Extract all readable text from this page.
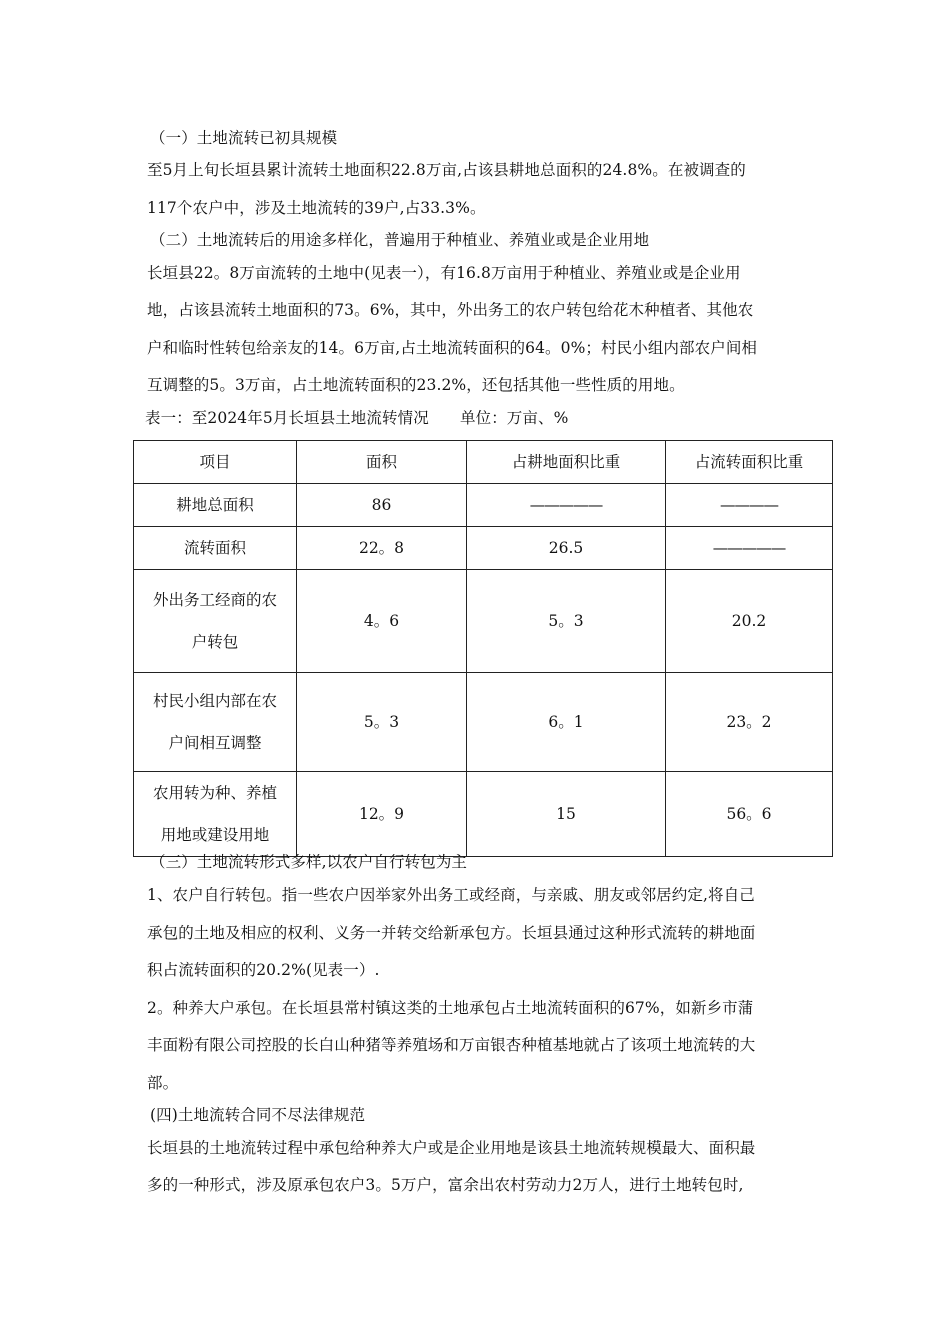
（一）土地流转已初具规模
至5月上旬长垣县累计流转土地面积22.8万亩,占该县耕地总面积的24.8%。在被调查的
117个农户中，涉及土地流转的39户,占33.3%。
（二）土地流转后的用途多样化，普遍用于种植业、养殖业或是企业用地
长垣县22。8万亩流转的土地中(见表一），有16.8万亩用于种植业、养殖业或是企业用
地，占该县流转土地面积的73。6%，其中，外出务工的农户转包给花木种植者、其他农
户和临时性转包给亲友的14。6万亩,占土地流转面积的64。0%；村民小组内部农户间相
互调整的5。3万亩，占土地流转面积的23.2%，还包括其他一些性质的用地。
表一：至2024年5月长垣县土地流转情况　　单位：万亩、%
项目	面积	占耕地面积比重	占流转面积比重
耕地总面积	86	—————	————
流转面积	22。8	26.5	—————

外出务工经商的农
户转包	4。6	5。3	20.2

村民小组内部在农
户间相互调整	5。3	6。1	23。2

农用转为种、养植
用地或建设用地	12。9	15	56。6
（三）土地流转形式多样,以农户自行转包为主
1、农户自行转包。指一些农户因举家外出务工或经商，与亲戚、朋友或邻居约定,将自己
承包的土地及相应的权利、义务一并转交给新承包方。长垣县通过这种形式流转的耕地面
积占流转面积的20.2%(见表一）.
2。种养大户承包。在长垣县常村镇这类的土地承包占土地流转面积的67%，如新乡市蒲
丰面粉有限公司控股的长白山种猪等养殖场和万亩银杏种植基地就占了该项土地流转的大
部。
(四)土地流转合同不尽法律规范
长垣县的土地流转过程中承包给种养大户或是企业用地是该县土地流转规模最大、面积最
多的一种形式，涉及原承包农户3。5万户，富余出农村劳动力2万人，进行土地转包时,
